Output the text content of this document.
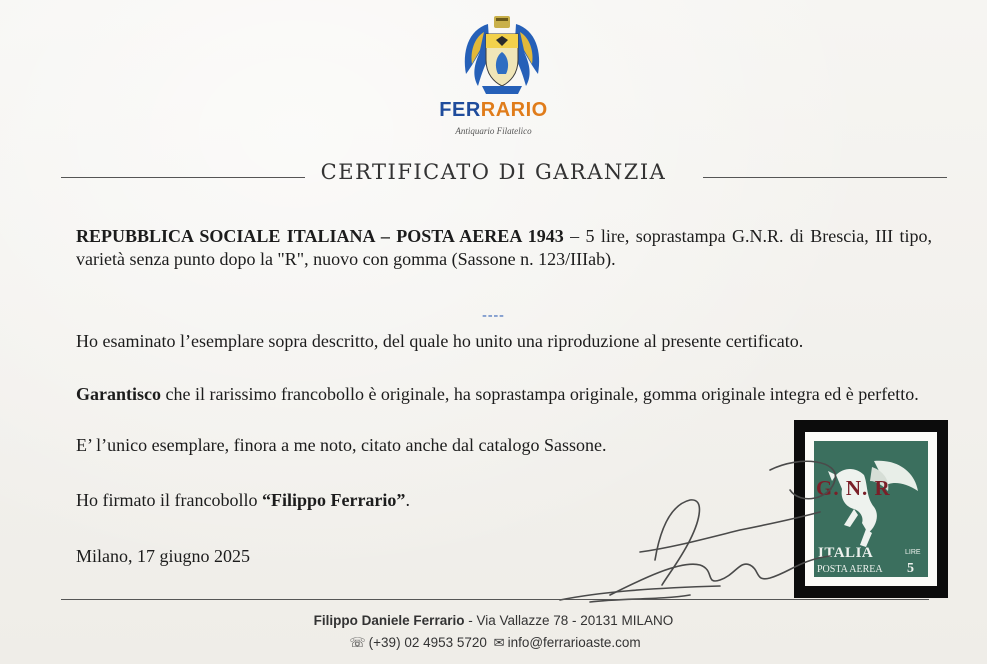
FERRARIO
Antiquario Filatelico
CERTIFICATO DI GARANZIA
REPUBBLICA SOCIALE ITALIANA – POSTA AEREA 1943 – 5 lire, soprastampa G.N.R. di Brescia, III tipo, varietà senza punto dopo la "R", nuovo con gomma (Sassone n. 123/IIIab).
----
Ho esaminato l’esemplare sopra descritto, del quale ho unito una riproduzione al presente certificato.
Garantisco che il rarissimo francobollo è originale, ha soprastampa originale, gomma originale integra ed è perfetto.
E’ l’unico esemplare, finora a me noto, citato anche dal catalogo Sassone.
Ho firmato il francobollo “Filippo Ferrario”.
Milano, 17 giugno 2025
G. N. R
ITALIA	LIRE
POSTA AEREA 5
Filippo Daniele Ferrario - Via Vallazze 78 - 20131 MILANO
☏ (+39) 02 4953 5720 ✉ info@ferrarioaste.com
